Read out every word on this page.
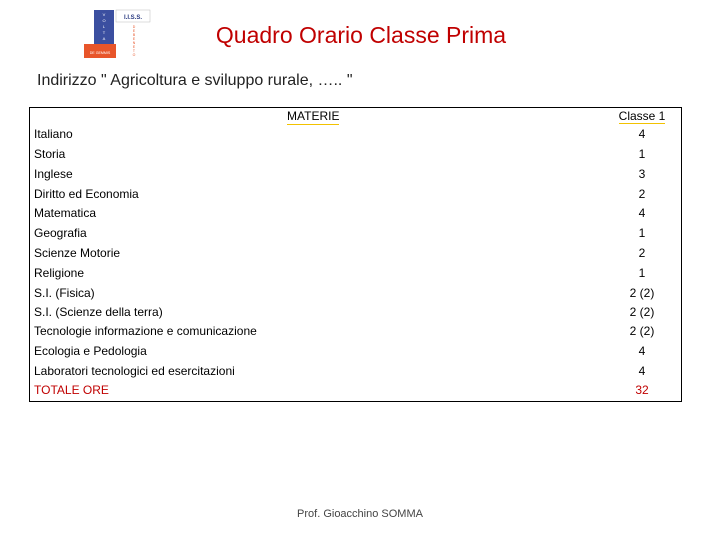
I.I.S.S.
DE GEMMIS
V
O
L
T
A
D
E
B
E
N
E
T
O
Quadro Orario Classe Prima
Indirizzo " Agricoltura e sviluppo rurale, ….. "
MATERIE	Classe 1
Italiano	4
Storia	1
Inglese	3
Diritto ed Economia	2
Matematica	4
Geografia	1
Scienze Motorie	2
Religione	1
S.I. (Fisica)	2 (2)
S.I. (Scienze della terra)	2 (2)
Tecnologie informazione e comunicazione	2 (2)
Ecologia e Pedologia	4
Laboratori tecnologici ed esercitazioni	4
TOTALE ORE	32
Prof. Gioacchino SOMMA
